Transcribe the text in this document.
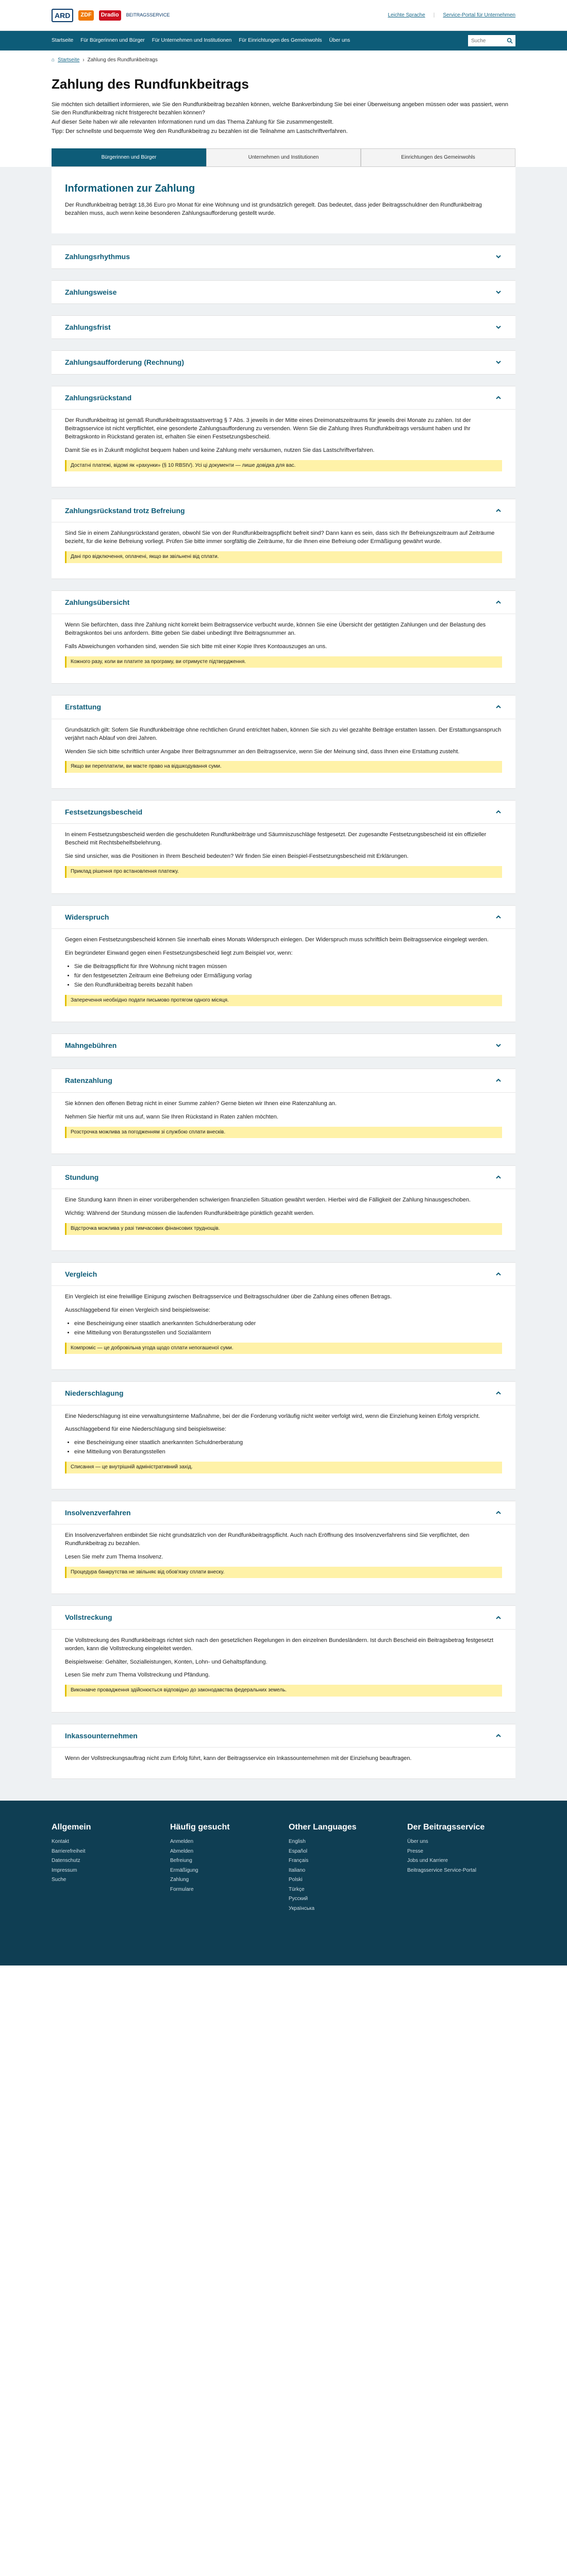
ARD	ZDF	Dradio	BEITRAGSSERVICE	Leichte Sprache | Service-Portal für Unternehmen
Startseite Für Bürgerinnen und Bürger Für Unternehmen und Institutionen Für Einrichtungen des Gemeinwohls Über uns
Suche
⌂ Startseite › Zahlung des Rundfunkbeitrags
Zahlung des Rundfunkbeitrags

Sie möchten sich detailliert informieren, wie Sie den Rundfunkbeitrag bezahlen können, welche Bankverbindung Sie bei einer Überweisung angeben müssen oder was passiert, wenn Sie den Rundfunkbeitrag nicht fristgerecht bezahlen können?

Auf dieser Seite haben wir alle relevanten Informationen rund um das Thema Zahlung für Sie zusammengestellt.

Tipp: Der schnellste und bequemste Weg den Rundfunkbeitrag zu bezahlen ist die Teilnahme am Lastschriftverfahren.

Bürgerinnen und Bürger	Unternehmen und Institutionen	Einrichtungen des Gemeinwohls
Informationen zur Zahlung

Der Rundfunkbeitrag beträgt 18,36 Euro pro Monat für eine Wohnung und ist grundsätzlich geregelt. Das bedeutet, dass jeder Beitragsschuldner den Rundfunkbeitrag bezahlen muss, auch wenn keine besonderen Zahlungsaufforderung gestellt wurde.

Zahlungsrhythmus
Zahlungsweise
Zahlungsfrist
Zahlungsaufforderung (Rechnung)
Zahlungsrückstand

Der Rundfunkbeitrag ist gemäß Rundfunkbeitragsstaatsvertrag § 7 Abs. 3 jeweils in der Mitte eines Dreimonatszeitraums für jeweils drei Monate zu zahlen. Ist der Beitragsservice ist nicht verpflichtet, eine gesonderte Zahlungsaufforderung zu versenden. Wenn Sie die Zahlung Ihres Rundfunkbeitrags versäumt haben und Ihr Beitragskonto in Rückstand geraten ist, erhalten Sie einen Festsetzungsbescheid.

Damit Sie es in Zukunft möglichst bequem haben und keine Zahlung mehr versäumen, nutzen Sie das Lastschriftverfahren.

Достатні платежі, відомі як «рахунки» (§ 10 RBStV). Усі ці документи — лише довідка для вас.
Zahlungsrückstand trotz Befreiung

Sind Sie in einem Zahlungsrückstand geraten, obwohl Sie von der Rundfunkbeitragspflicht befreit sind? Dann kann es sein, dass sich Ihr Befreiungszeitraum auf Zeiträume bezieht, für die keine Befreiung vorliegt. Prüfen Sie bitte immer sorgfältig die Zeiträume, für die Ihnen eine Befreiung oder Ermäßigung gewährt wurde.

Дані про відключення, оплачені, якщо ви звільнені від сплати.
Zahlungsübersicht

Wenn Sie befürchten, dass Ihre Zahlung nicht korrekt beim Beitragsservice verbucht wurde, können Sie eine Übersicht der getätigten Zahlungen und der Belastung des Beitragskontos bei uns anfordern. Bitte geben Sie dabei unbedingt Ihre Beitragsnummer an.

Falls Abweichungen vorhanden sind, wenden Sie sich bitte mit einer Kopie Ihres Kontoauszuges an uns.

Кожного разу, коли ви платите за програму, ви отримуєте підтвердження.
Erstattung

Grundsätzlich gilt: Sofern Sie Rundfunkbeiträge ohne rechtlichen Grund entrichtet haben, können Sie sich zu viel gezahlte Beiträge erstatten lassen. Der Erstattungsanspruch verjährt nach Ablauf von drei Jahren.

Wenden Sie sich bitte schriftlich unter Angabe Ihrer Beitragsnummer an den Beitragsservice, wenn Sie der Meinung sind, dass Ihnen eine Erstattung zusteht.

Якщо ви переплатили, ви маєте право на відшкодування суми.
Festsetzungsbescheid

In einem Festsetzungsbescheid werden die geschuldeten Rundfunkbeiträge und Säumniszuschläge festgesetzt. Der zugesandte Festsetzungsbescheid ist ein offizieller Bescheid mit Rechtsbehelfsbelehrung.

Sie sind unsicher, was die Positionen in Ihrem Bescheid bedeuten? Wir finden Sie einen Beispiel-Festsetzungsbescheid mit Erklärungen.

Приклад рішення про встановлення платежу.
Widerspruch

Gegen einen Festsetzungsbescheid können Sie innerhalb eines Monats Widerspruch einlegen. Der Widerspruch muss schriftlich beim Beitragsservice eingelegt werden.

Ein begründeter Einwand gegen einen Festsetzungsbescheid liegt zum Beispiel vor, wenn:

• Sie die Beitragspflicht für Ihre Wohnung nicht tragen müssen
• für den festgesetzten Zeitraum eine Befreiung oder Ermäßigung vorlag
• Sie den Rundfunkbeitrag bereits bezahlt haben
Заперечення необхідно подати письмово протягом одного місяця.
Mahngebühren
Ratenzahlung

Sie können den offenen Betrag nicht in einer Summe zahlen? Gerne bieten wir Ihnen eine Ratenzahlung an.

Nehmen Sie hierfür mit uns auf, wann Sie Ihren Rückstand in Raten zahlen möchten.

Розстрочка можлива за погодженням зі службою сплати внесків.
Stundung

Eine Stundung kann Ihnen in einer vorübergehenden schwierigen finanziellen Situation gewährt werden. Hierbei wird die Fälligkeit der Zahlung hinausgeschoben.

Wichtig: Während der Stundung müssen die laufenden Rundfunkbeiträge pünktlich gezahlt werden.

Відстрочка можлива у разі тимчасових фінансових труднощів.
Vergleich

Ein Vergleich ist eine freiwillige Einigung zwischen Beitragsservice und Beitragsschuldner über die Zahlung eines offenen Betrags.

Ausschlaggebend für einen Vergleich sind beispielsweise:

• eine Bescheinigung einer staatlich anerkannten Schuldnerberatung oder
• eine Mitteilung von Beratungsstellen und Sozialämtern
Компроміс — це добровільна угода щодо сплати непогашеної суми.
Niederschlagung

Eine Niederschlagung ist eine verwaltungsinterne Maßnahme, bei der die Forderung vorläufig nicht weiter verfolgt wird, wenn die Einziehung keinen Erfolg verspricht.

Ausschlaggebend für eine Niederschlagung sind beispielsweise:

• eine Bescheinigung einer staatlich anerkannten Schuldnerberatung
• eine Mitteilung von Beratungsstellen
Списання — це внутрішній адміністративний захід.
Insolvenzverfahren

Ein Insolvenzverfahren entbindet Sie nicht grundsätzlich von der Rundfunkbeitragspflicht. Auch nach Eröffnung des Insolvenzverfahrens sind Sie verpflichtet, den Rundfunkbeitrag zu bezahlen.

Lesen Sie mehr zum Thema Insolvenz.

Процедура банкрутства не звільняє від обов'язку сплати внеску.
Vollstreckung

Die Vollstreckung des Rundfunkbeitrags richtet sich nach den gesetzlichen Regelungen in den einzelnen Bundesländern. Ist durch Bescheid ein Beitragsbetrag festgesetzt worden, kann die Vollstreckung eingeleitet werden.

Beispielsweise: Gehälter, Sozialleistungen, Konten, Lohn- und Gehaltspfändung.

Lesen Sie mehr zum Thema Vollstreckung und Pfändung.

Виконавче провадження здійснюється відповідно до законодавства федеральних земель.
Inkassounternehmen

Wenn der Vollstreckungsauftrag nicht zum Erfolg führt, kann der Beitragsservice ein Inkassounternehmen mit der Einziehung beauftragen.

Allgemein
Kontakt
Barrierefreiheit
Datenschutz
Impressum
Suche
Häufig gesucht
Anmelden
Abmelden
Befreiung
Ermäßigung
Zahlung
Formulare
Other Languages
English
Español
Français
Italiano
Polski
Türkçe
Русский
Українська
Der Beitragsservice
Über uns
Presse
Jobs und Karriere
Beitragsservice Service-Portal
